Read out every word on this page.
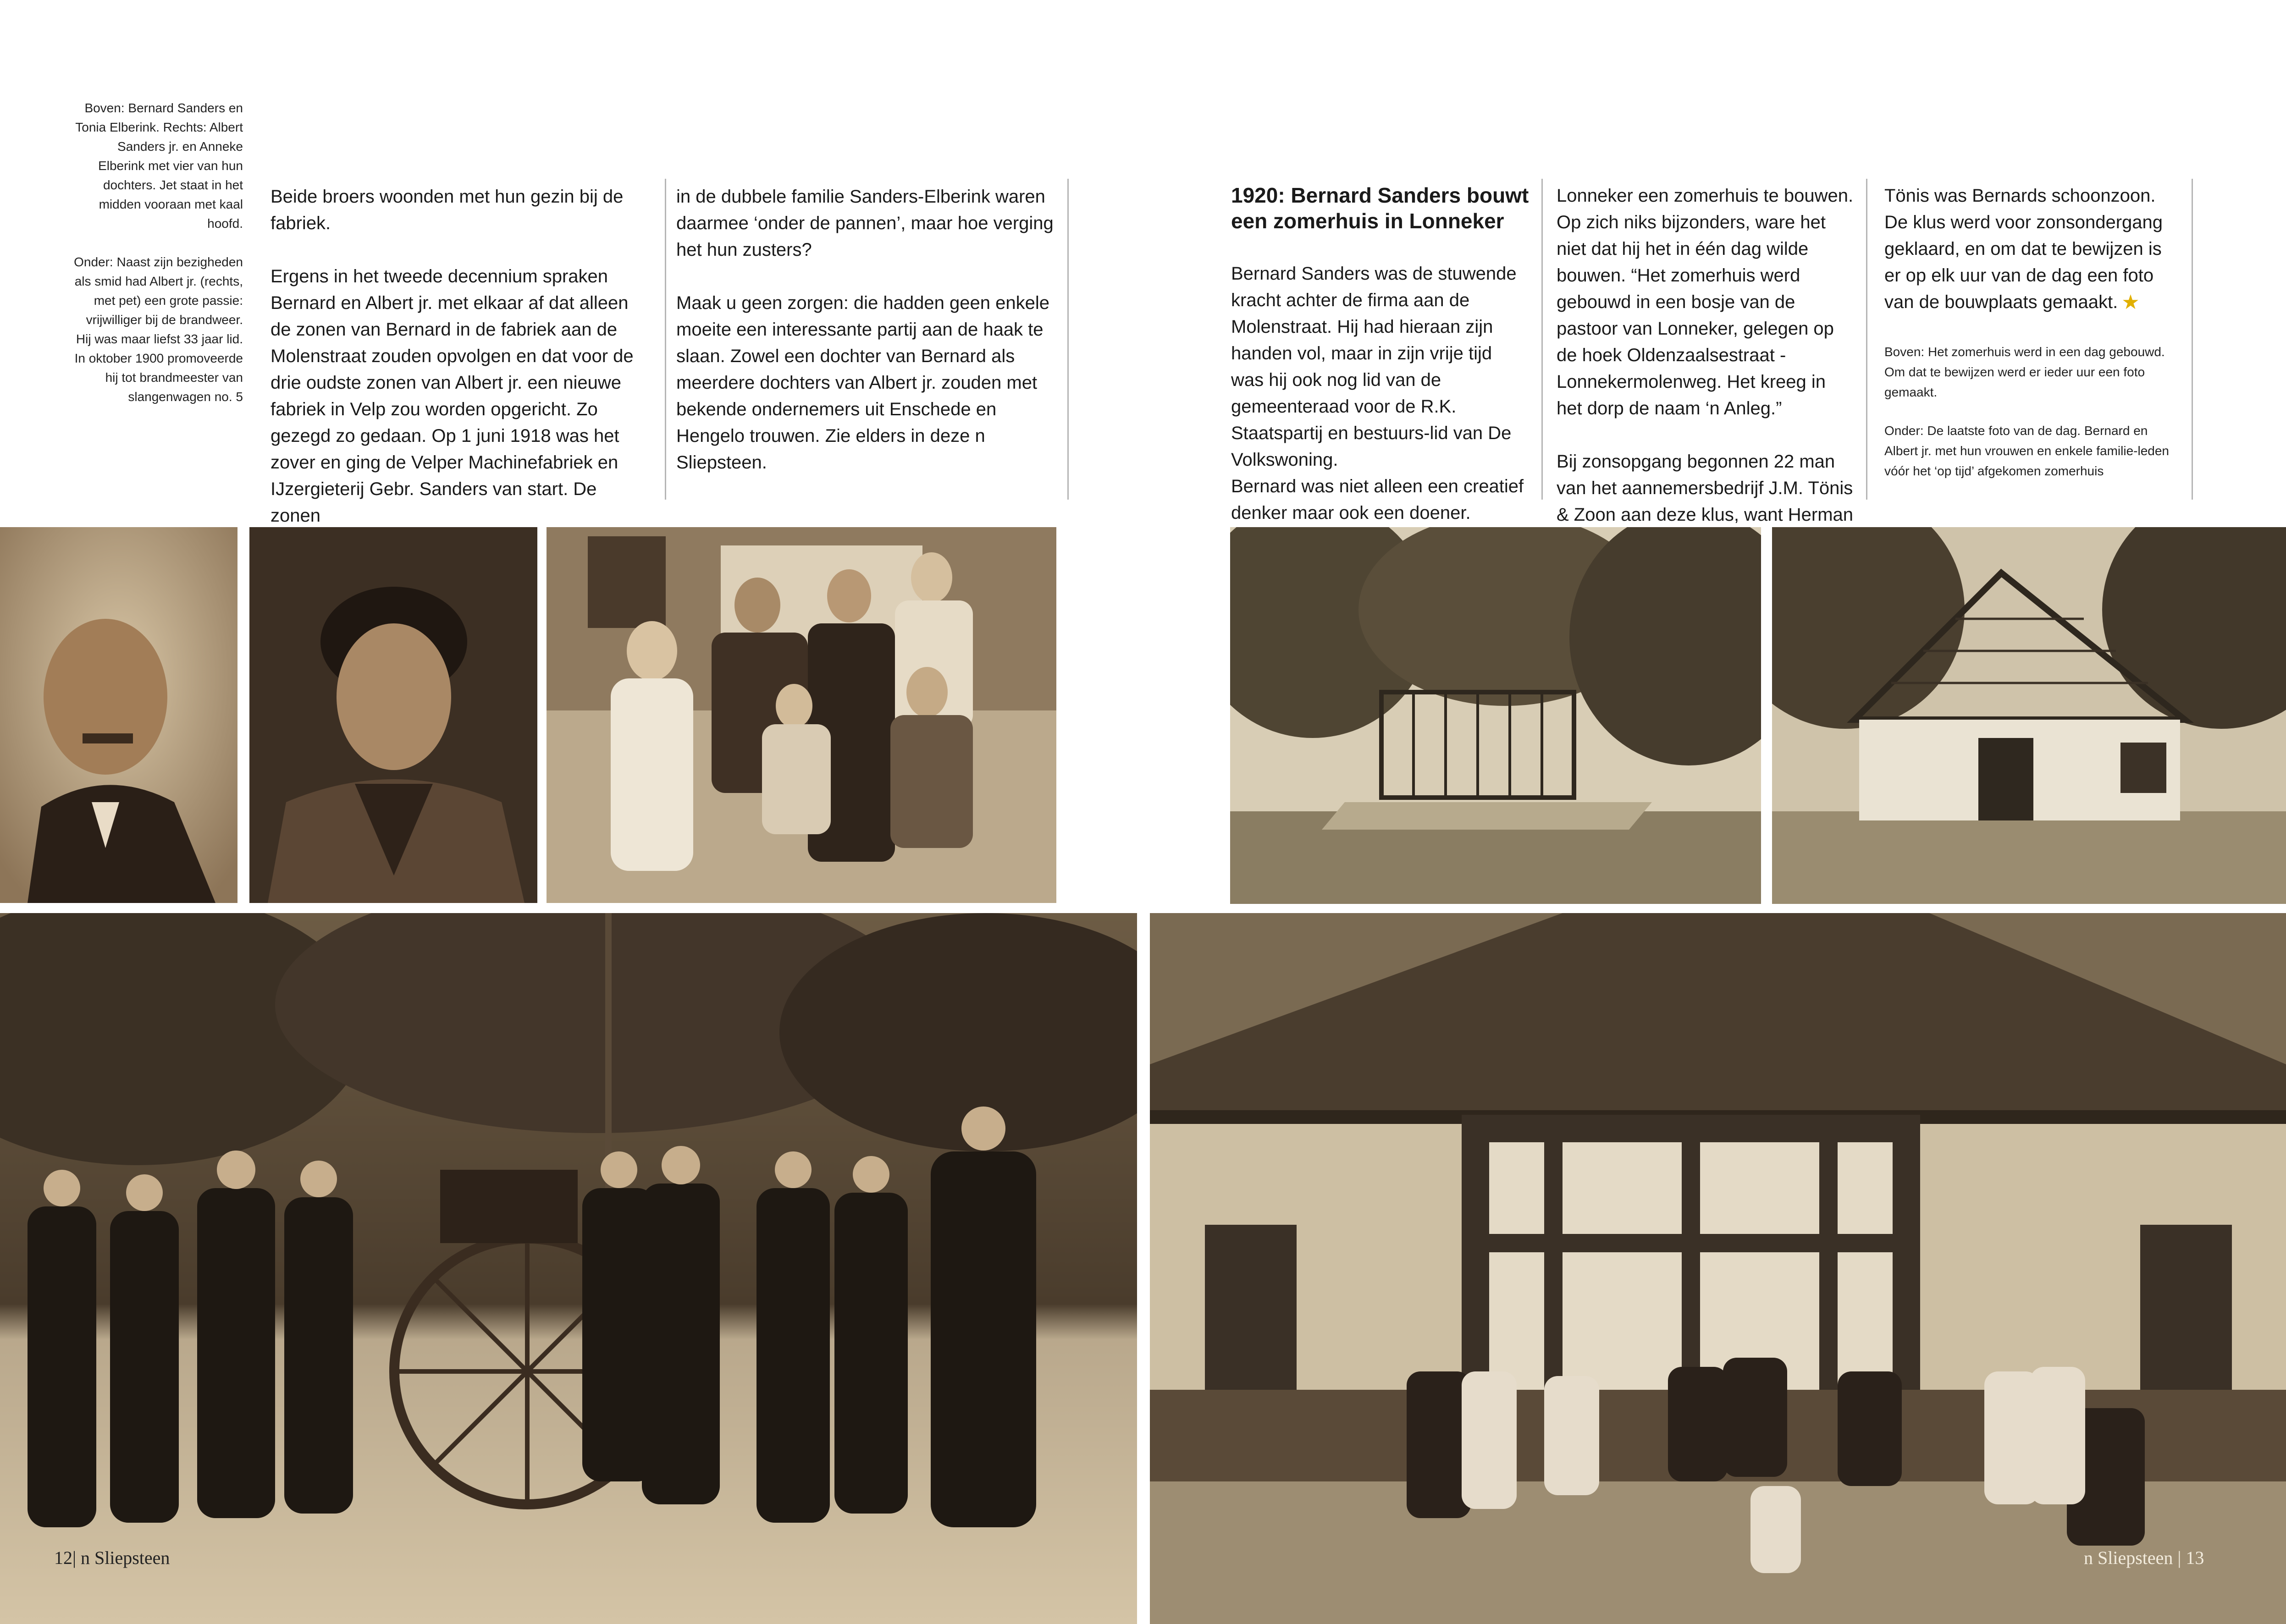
Boven: Bernard Sanders en Tonia Elberink. Rechts: Albert Sanders jr. en Anneke Elberink met vier van hun dochters. Jet staat in het midden vooraan met kaal hoofd.

Onder: Naast zijn bezigheden als smid had Albert jr. (rechts, met pet) een grote passie: vrijwilliger bij de brandweer. Hij was maar liefst 33 jaar lid. In oktober 1900 promoveerde hij tot brandmeester van slangenwagen no. 5

Beide broers woonden met hun gezin bij de fabriek.

Ergens in het tweede decennium spraken Bernard en Albert jr. met elkaar af dat alleen de zonen van Bernard in de fabriek aan de Molenstraat zouden opvolgen en dat voor de drie oudste zonen van Albert jr. een nieuwe fabriek in Velp zou worden opgericht. Zo gezegd zo gedaan. Op 1 juni 1918 was het zover en ging de Velper Machinefabriek en IJzergieterij Gebr. Sanders van start. De zonen

in de dubbele familie Sanders-Elberink waren daarmee ‘onder de pannen’, maar hoe verging het hun zusters?

Maak u geen zorgen: die hadden geen enkele moeite een interessante partij aan de haak te slaan. Zowel een dochter van Bernard als meerdere dochters van Albert jr. zouden met bekende ondernemers uit Enschede en Hengelo trouwen. Zie elders in deze n Sliepsteen.

12| n Sliepsteen

1920: Bernard Sanders bouwt een zomerhuis in Lonneker

Bernard Sanders was de stuwende kracht achter de firma aan de Molenstraat. Hij had hieraan zijn handen vol, maar in zijn vrije tijd was hij ook nog lid van de gemeenteraad voor de R.K. Staatspartij en bestuurs-lid van De Volkswoning.

Bernard was niet alleen een creatief denker maar ook een doener.

Lonneker een zomerhuis te bouwen. Op zich niks bijzonders, ware het niet dat hij het in één dag wilde bouwen. “Het zomerhuis werd gebouwd in een bosje van de pastoor van Lonneker, gelegen op de hoek Oldenzaalsestraat - Lonnekermolenweg. Het kreeg in het dorp de naam ‘n Anleg.”

Bij zonsopgang begonnen 22 man van het aannemersbedrijf J.M. Tönis & Zoon aan deze klus, want Herman

Tönis was Bernards schoonzoon. De klus werd voor zonsondergang geklaard, en om dat te bewijzen is er op elk uur van de dag een foto van de bouwplaats gemaakt. ★

Boven: Het zomerhuis werd in een dag gebouwd. Om dat te bewijzen werd er ieder uur een foto gemaakt.

Onder: De laatste foto van de dag. Bernard en Albert jr. met hun vrouwen en enkele familie-leden vóór het ‘op tijd’ afgekomen zomerhuis

n Sliepsteen | 13
